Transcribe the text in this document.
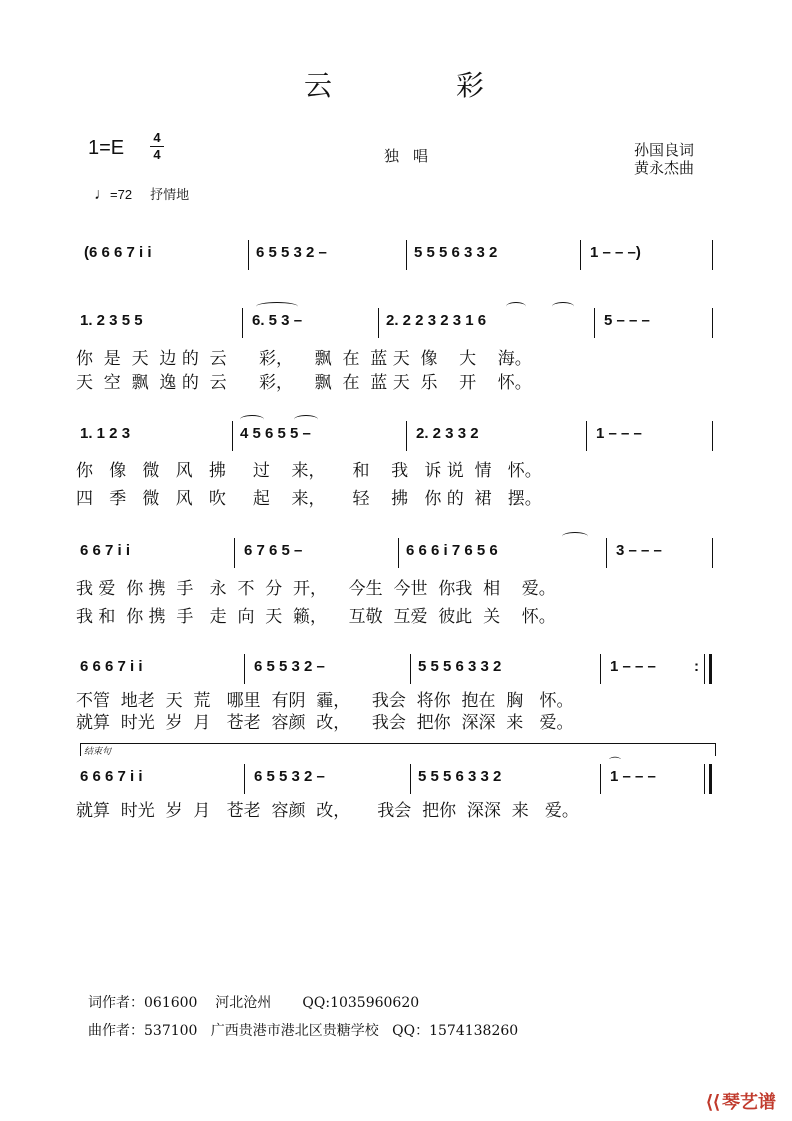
云	彩
1=E 4
4	独唱	孙国良词
黄永杰曲
♩=72 抒情地
(6 6 6 7 i i	6 5 5 3 2 –	5 5 5 6 3 3 2	1 – – –)
1. 2 3 5 5	6. 5 3 –	2. 2 2 3 2 3 1 6	5 – – –
你  是  天  边 的  云      彩，    飘  在  蓝 天  像    大    海。
天  空  飘  逸 的  云      彩，    飘  在  蓝 天  乐    开    怀。
1. 1 2 3	4 5 6 5 5 –	2. 2 3 3 2	1 – – –
你   像   微   风   拂     过    来，     和    我   诉 说  情   怀。
四   季   微   风   吹     起    来，     轻    拂   你 的  裙   摆。
6 6 7 i i	6 7 6 5 –	6 6 6 i 7 6 5 6	3 – – –
我 爱  你 携  手   永  不  分  开，    今生  今世  你我  相    爱。
我 和  你 携  手   走  向  天  籁，    互敬  互爱  彼此  关    怀。
6 6 6 7 i i	6 5 5 3 2 –	5 5 5 6 3 3 2	1 – – –	:
不管  地老  天  荒   哪里  有阴  霾，    我会  将你  抱在  胸   怀。
就算  时光  岁  月   苍老  容颜  改，    我会  把你  深深  来   爱。
结束句
6 6 6 7 i i	6 5 5 3 2 –	5 5 5 6 3 3 2	1 – – –
⌒
就算  时光  岁  月   苍老  容颜  改，     我会  把你  深深  来   爱。
词作者：061600    河北沧州       QQ:1035960620
曲作者：537100   广西贵港市港北区贵糖学校   QQ：1574138260
⟨⟨ 琴艺谱
